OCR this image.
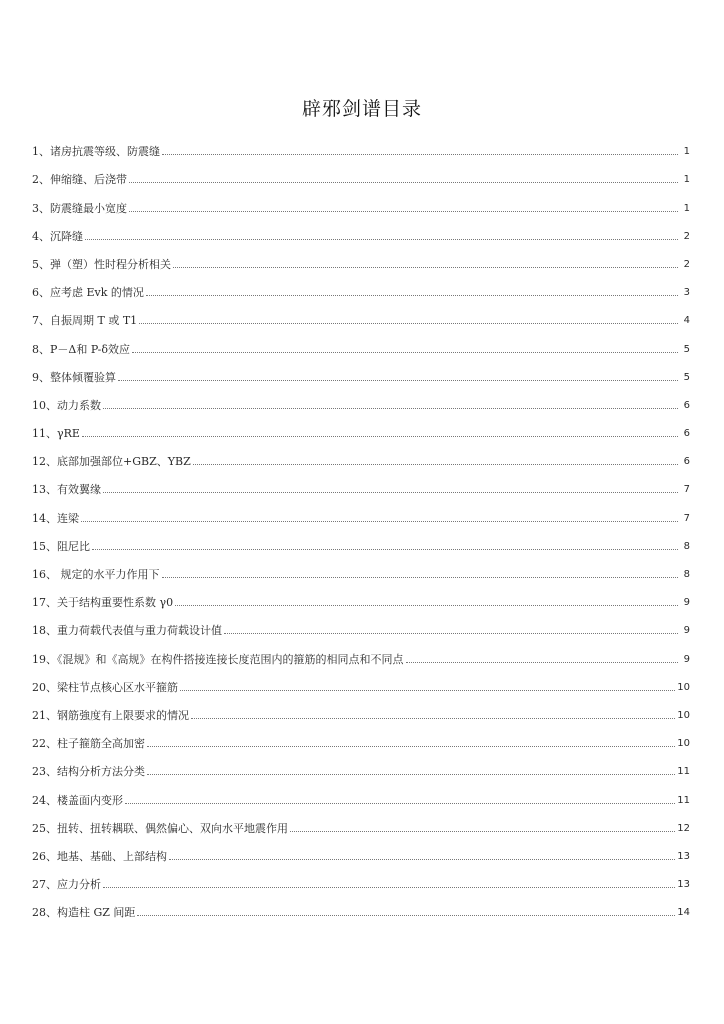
辟邪剑谱目录
1、诸房抗震等级、防震缝	1
2、伸缩缝、后浇带	1
3、防震缝最小宽度	1
4、沉降缝	2
5、弹（塑）性时程分析相关	2
6、应考虑 Evk 的情况	3
7、自振周期 T 或 T1	4
8、P－Δ和 P-δ效应	5
9、整体倾覆验算	5
10、动力系数	6
11、γRE	6
12、底部加强部位+GBZ、YBZ	6
13、有效翼缘	7
14、连梁	7
15、阻尼比	8
16、 规定的水平力作用下	8
17、关于结构重要性系数 γ0	9
18、重力荷载代表值与重力荷载设计值	9
19、《混规》和《高规》在构件搭接连接长度范围内的箍筋的相同点和不同点	9
20、梁柱节点核心区水平箍筋	10
21、钢筋強度有上限要求的情况	10
22、柱子箍筋全高加密	10
23、结构分析方法分类	11
24、楼盖面内变形	11
25、扭转、扭转耦联、偶然偏心、双向水平地震作用	12
26、地基、基础、上部结构	13
27、应力分析	13
28、构造柱 GZ 间距	14
